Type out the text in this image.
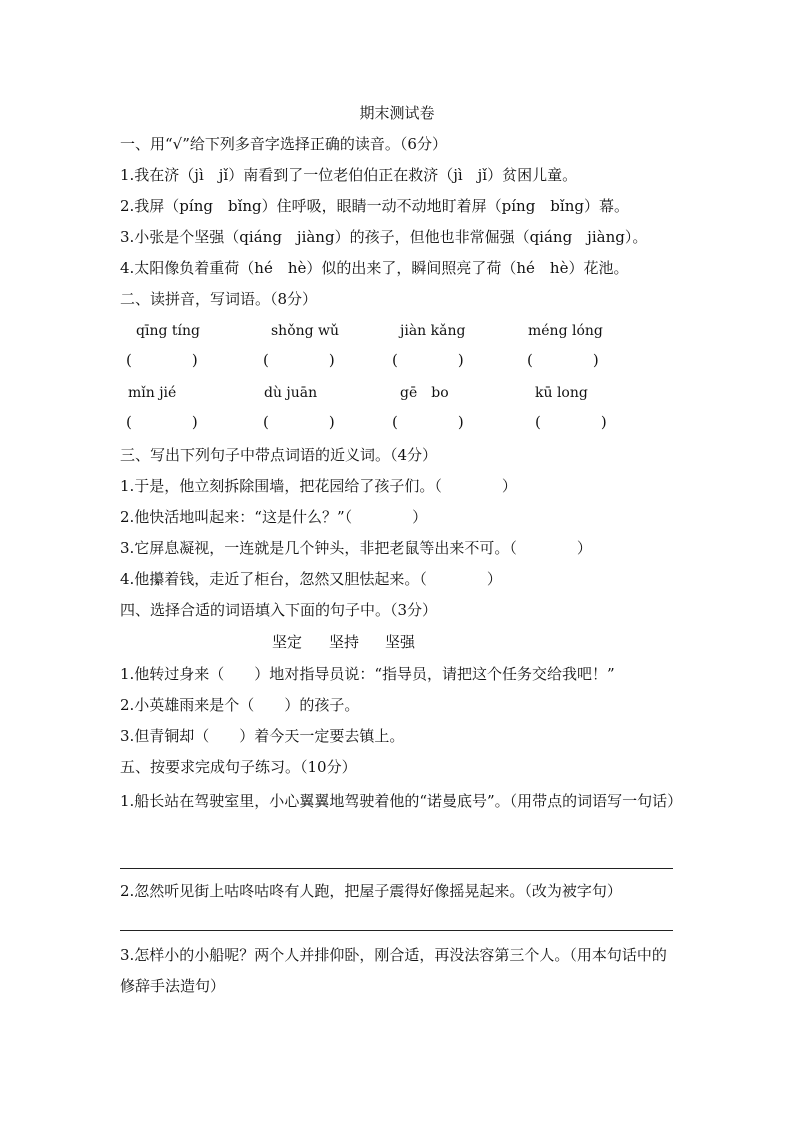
期末测试卷
一、用“√”给下列多音字选择正确的读音。（6分）
1.我在济（jì　jǐ）南看到了一位老伯伯正在救济（jì　jǐ）贫困儿童。
2.我屏（píng　bǐng）住呼吸，眼睛一动不动地盯着屏（píng　bǐng）幕。
3.小张是个坚强（qiáng　jiàng）的孩子，但他也非常倔强（qiáng　jiàng）。
4.太阳像负着重荷（hé　hè）似的出来了，瞬间照亮了荷（hé　hè）花池。
二、读拼音，写词语。（8分）
qīng tíng	shǒng wǔ	jiàn kǎng	méng lóng
(　　　　)	(　　　　)	(　　　　)	(　　　　)
mǐn jié	dù juān	gē　bo	kū long
(　　　　)	(　　　　)	(　　　　)	(　　　　)
三、写出下列句子中带点词语的近义词。（4分）
1.于是，他立刻拆除围墙，把花园给了孩子们。（　　　　）
2.他快活地叫起来：“这是什么？”（　　　　）
3.它屏息凝视，一连就是几个钟头，非把老鼠等出来不可。（　　　　）
4.他攥着钱，走近了柜台，忽然又胆怯起来。（　　　　）
四、选择合适的词语填入下面的句子中。（3分）
坚定 坚持 坚强
1.他转过身来（　　）地对指导员说：“指导员，请把这个任务交给我吧！”
2.小英雄雨来是个（　　）的孩子。
3.但青铜却（　　）着今天一定要去镇上。
五、按要求完成句子练习。（10分）
1.船长站在驾驶室里，小心翼翼地驾驶着他的“诺曼底号”。（用带点的词语写一句话）
2.忽然听见街上咕咚咕咚有人跑，把屋子震得好像摇晃起来。（改为被字句）
3.怎样小的小船呢？两个人并排仰卧，刚合适，再没法容第三个人。（用本句话中的修辞手法造句）
